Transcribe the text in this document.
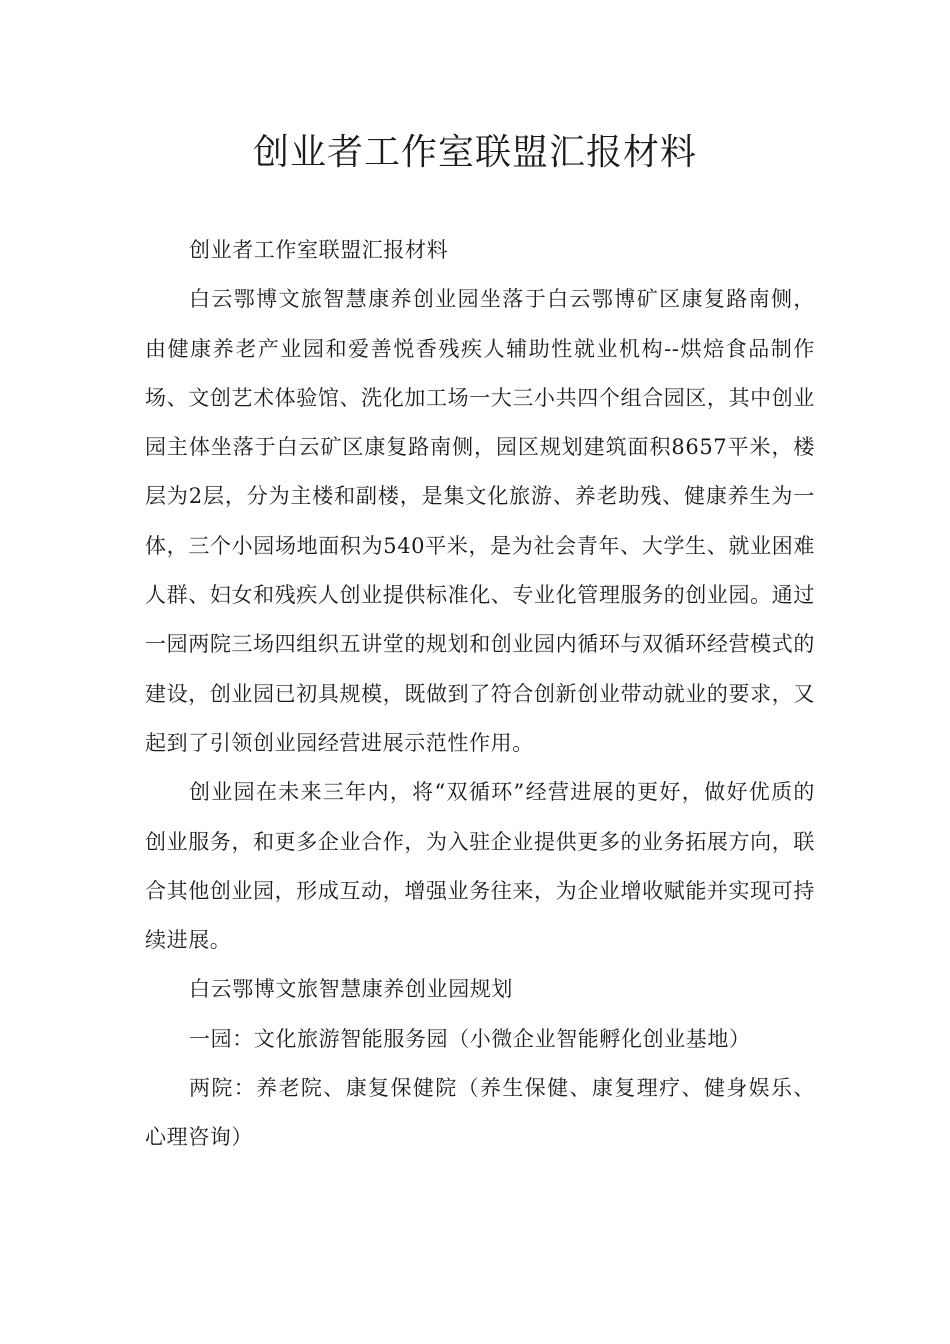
创业者工作室联盟汇报材料

创业者工作室联盟汇报材料

白云鄂博文旅智慧康养创业园坐落于白云鄂博矿区康复路南侧，由健康养老产业园和爱善悦香残疾人辅助性就业机构--烘焙食品制作场、文创艺术体验馆、洗化加工场一大三小共四个组合园区，其中创业园主体坐落于白云矿区康复路南侧，园区规划建筑面积8657平米，楼层为2层，分为主楼和副楼，是集文化旅游、养老助残、健康养生为一体，三个小园场地面积为540平米，是为社会青年、大学生、就业困难人群、妇女和残疾人创业提供标准化、专业化管理服务的创业园。通过一园两院三场四组织五讲堂的规划和创业园内循环与双循环经营模式的建设，创业园已初具规模，既做到了符合创新创业带动就业的要求，又起到了引领创业园经营进展示范性作用。

创业园在未来三年内，将“双循环”经营进展的更好，做好优质的创业服务，和更多企业合作，为入驻企业提供更多的业务拓展方向，联合其他创业园，形成互动，增强业务往来，为企业增收赋能并实现可持续进展。

白云鄂博文旅智慧康养创业园规划

一园：文化旅游智能服务园（小微企业智能孵化创业基地）

两院：养老院、康复保健院（养生保健、康复理疗、健身娱乐、心理咨询）
